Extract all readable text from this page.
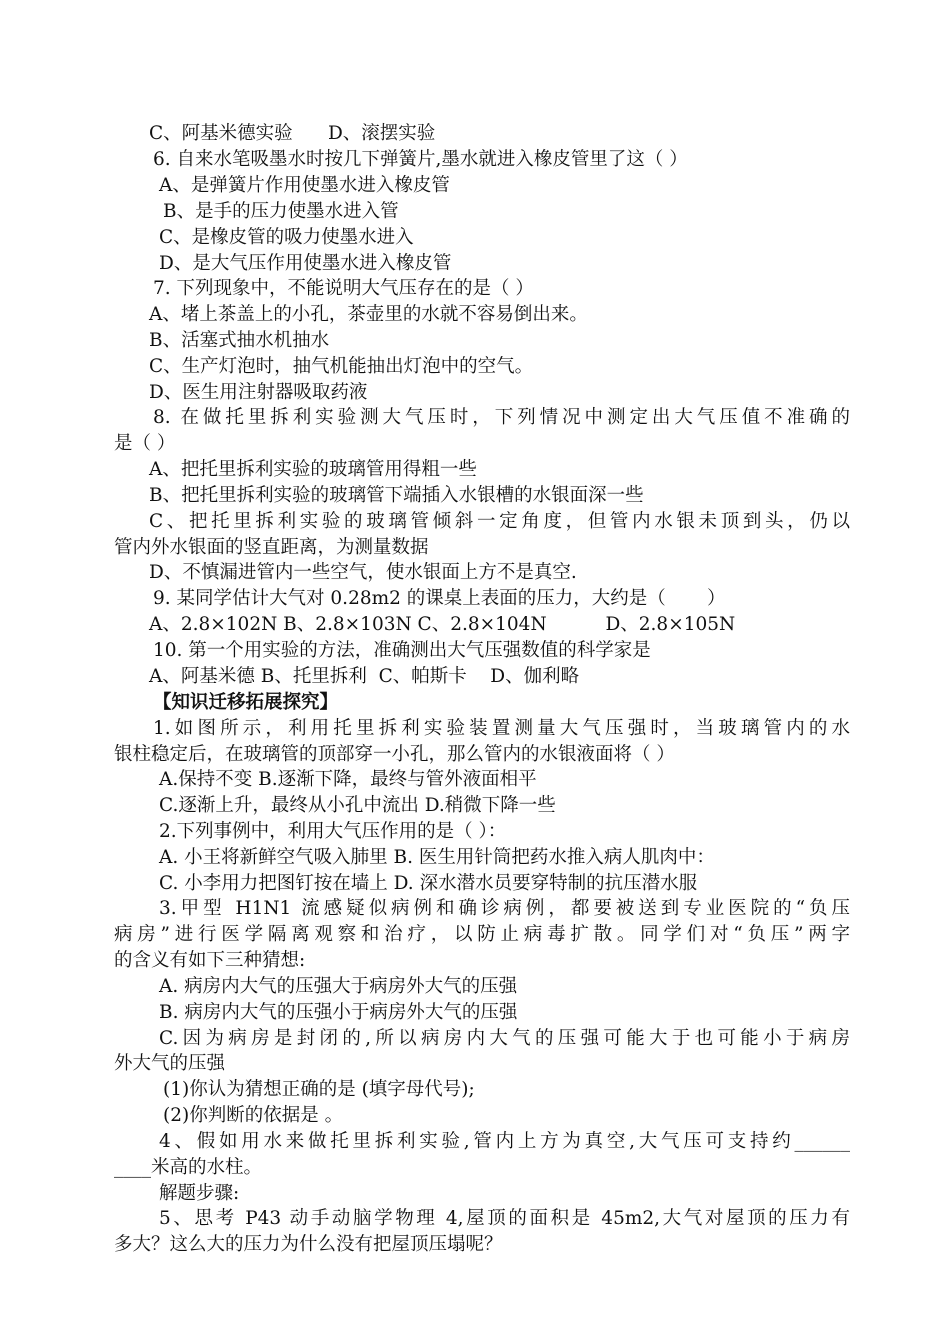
C、阿基米德实验      D、滚摆实验
6. 自来水笔吸墨水时按几下弹簧片,墨水就进入橡皮管里了这（ ）
A、是弹簧片作用使墨水进入橡皮管
B、是手的压力使墨水进入管
C、是橡皮管的吸力使墨水进入
D、是大气压作用使墨水进入橡皮管
7. 下列现象中，不能说明大气压存在的是（ ）
A、堵上茶盖上的小孔，茶壶里的水就不容易倒出来。
B、活塞式抽水机抽水
C、生产灯泡时，抽气机能抽出灯泡中的空气。
D、医生用注射器吸取药液
8. 在做托里拆利实验测大气压时，下列情况中测定出大气压值不准确的
是（ ）
A、把托里拆利实验的玻璃管用得粗一些
B、把托里拆利实验的玻璃管下端插入水银槽的水银面深一些
C、把托里拆利实验的玻璃管倾斜一定角度，但管内水银未顶到头，仍以
管内外水银面的竖直距离，为测量数据
D、不慎漏进管内一些空气，使水银面上方不是真空.
9. 某同学估计大气对 0.28m2 的课桌上表面的压力，大约是（       ）
A、2.8×102N B、2.8×103N C、2.8×104N          D、2.8×105N
10. 第一个用实验的方法，准确测出大气压强数值的科学家是
A、阿基米德 B、托里拆利  C、帕斯卡    D、伽利略
【知识迁移拓展探究】
1.如图所示，利用托里拆利实验装置测量大气压强时，当玻璃管内的水
银柱稳定后，在玻璃管的顶部穿一小孔，那么管内的水银液面将（ ）
A.保持不变 B.逐渐下降，最终与管外液面相平
C.逐渐上升，最终从小孔中流出 D.稍微下降一些
2.下列事例中，利用大气压作用的是（ ）：
A. 小王将新鲜空气吸入肺里 B. 医生用针筒把药水推入病人肌肉中：
C. 小李用力把图钉按在墙上 D. 深水潜水员要穿特制的抗压潜水服
3.甲型 H1N1 流感疑似病例和确诊病例，都要被送到专业医院的“负压
病房”进行医学隔离观察和治疗，以防止病毒扩散。同学们对“负压”两字
的含义有如下三种猜想:
A. 病房内大气的压强大于病房外大气的压强
B. 病房内大气的压强小于病房外大气的压强
C.因为病房是封闭的,所以病房内大气的压强可能大于也可能小于病房
外大气的压强
(1)你认为猜想正确的是 (填字母代号);
(2)你判断的依据是 。
4、假如用水来做托里拆利实验,管内上方为真空,大气压可支持约______
____米高的水柱。
解题步骤:
5、思考 P43 动手动脑学物理 4,屋顶的面积是 45m2,大气对屋顶的压力有
多大？这么大的压力为什么没有把屋顶压塌呢？
